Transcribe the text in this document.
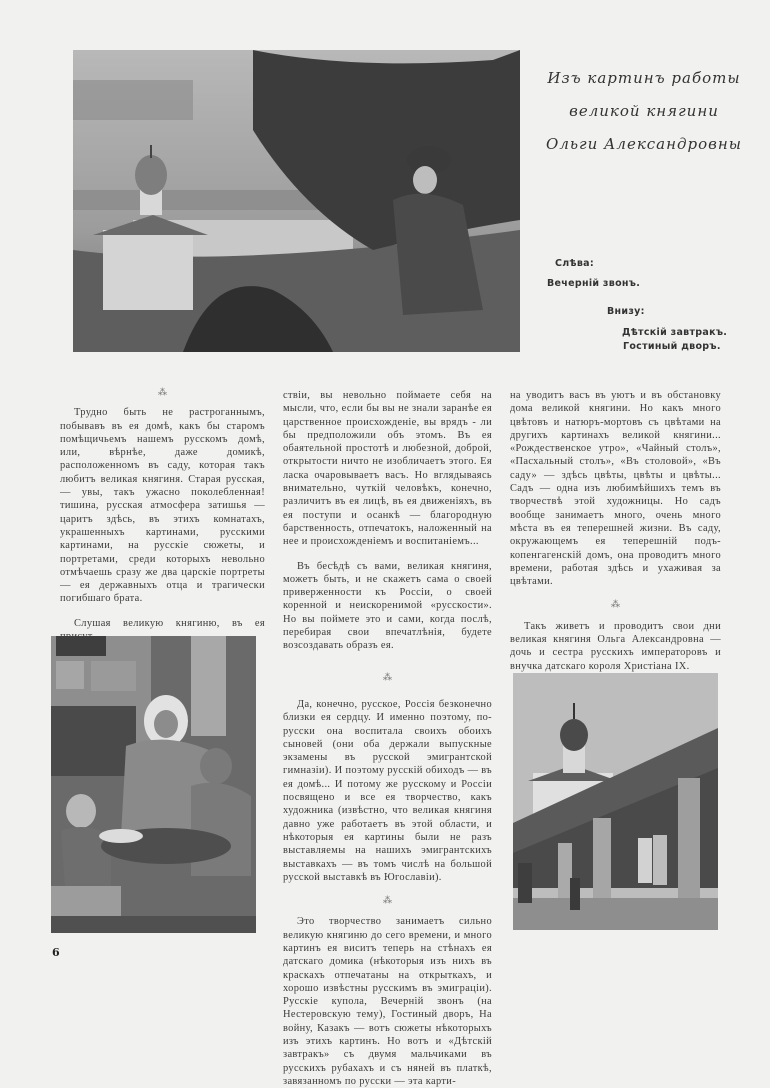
Изъ картинъ работы
великой княгини
Ольги Александровны
Слѣва:
Вечерній звонъ.
Внизу:
Дѣтскій завтракъ.
Гостиный дворъ.
⁂

Трудно быть не растроганнымъ, побывавъ въ ея домѣ, какъ бы старомъ помѣщичьемъ нашемъ русскомъ домѣ, или, вѣрнѣе, даже домикѣ, расположенномъ въ саду, которая такъ любитъ великая княгиня. Старая русская, — увы, такъ ужасно поколебленная! тишина, русская атмосфера затишья — царитъ здѣсь, въ этихъ комнатахъ, украшенныхъ картинами, русскими картинами, на русскіе сюжеты, и портретами, среди которыхъ невольно отмѣчаешь сразу же два царскіе портреты — ея державныхъ отца и трагически погибшаго брата.

Слушая великую княгиню, въ ея

ствіи, вы невольно поймаете себя на мысли, что, если бы вы не знали заранѣе ея царственное происхожденіе, вы врядъ - ли бы предположили объ этомъ. Въ ея обаятельной простотѣ и любезной, доброй, открытости ничто не изобличаетъ этого. Ея ласка очаровываетъ васъ. Но вглядываясь внимательно, чуткій человѣкъ, конечно, различитъ въ ея лицѣ, въ ея движеніяхъ, въ ея поступи и осанкѣ — благородную барственность, отпечатокъ, наложенный на нее и происхожденіемъ и воспитаніемъ...

Въ бесѣдѣ съ вами, великая княгиня, можетъ быть, и не скажетъ сама о своей приверженности къ Россіи, о своей коренной и неискоренимой «русскости». Но вы поймете это и сами, когда послѣ, перебирая свои впечатлѣнія, будете возсоздавать образъ ея.

⁂

Да, конечно, русское, Россія безконечно близки ея сердцу. И именно поэтому, по-русски она воспитала своихъ обоихъ сыновей (они оба держали выпускные экзамены въ русской эмигрантской гимназіи). И поэтому русскій обиходъ — въ ея домѣ... И потому же русскому и Россіи посвящено и все ея творчество, какъ художника (извѣстно, что великая княгиня давно уже работаетъ въ этой области, и нѣкоторыя ея картины были не разъ выставляемы на нашихъ эмигрантскихъ выставкахъ — въ томъ числѣ на большой русской выставкѣ въ Югославіи).

⁂

Это творчество занимаетъ сильно великую княгиню до сего времени, и много картинъ ея виситъ теперь на стѣнахъ ея датскаго домика (нѣкоторыя изъ нихъ въ краскахъ отпечатаны на открыткахъ, и хорошо извѣстны русскимъ въ эмиграціи). Русскіе купола, Вечерній звонъ (на Нестеровскую тему), Гостиный дворъ, На войну, Казакъ — вотъ сюжеты нѣкоторыхъ изъ этихъ картинъ. Но вотъ и «Дѣтскій завтракъ» съ двумя мальчиками въ русскихъ рубахахъ и съ няней въ платкѣ, завязанномъ по русски — эта карти-

на уводитъ васъ въ уютъ и въ обстановку дома великой княгини. Но какъ много цвѣтовъ и натюръ-мортовъ съ цвѣтами на другихъ картинахъ великой княгини... «Рождественское утро», «Чайный столъ», «Пасхальный столъ», «Въ столовой», «Въ саду» — здѣсь цвѣты, цвѣты и цвѣты... Садъ — одна изъ любимѣйшихъ темъ въ творчествѣ этой художницы. Но садъ вообще занимаетъ много, очень много мѣста въ ея теперешней жизни. Въ саду, окружающемъ ея теперешній подъ-копенгагенскій домъ, она проводитъ много времени, работая здѣсь и ухаживая за цвѣтами.

⁂

Такъ живетъ и проводитъ свои дни великая княгиня Ольга Александровна — дочь и сестра русскихъ императоровъ и внучка датскаго короля Христіана IX.

6
